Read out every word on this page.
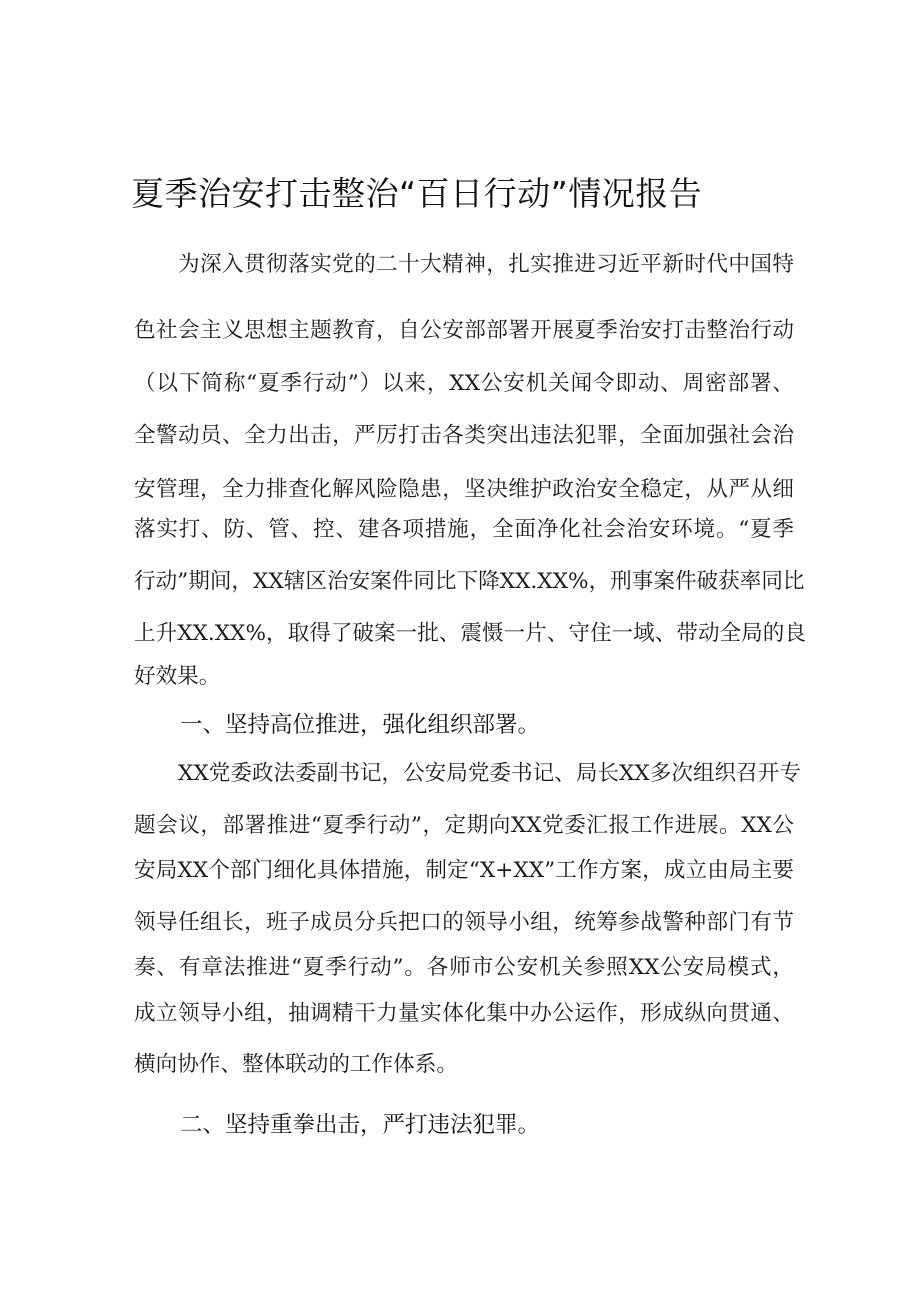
夏季治安打击整治“百日行动”情况报告
为深入贯彻落实党的二十大精神，扎实推进习近平新时代中国特
色社会主义思想主题教育，自公安部部署开展夏季治安打击整治行动
（以下简称“夏季行动”）以来，XX公安机关闻令即动、周密部署、
全警动员、全力出击，严厉打击各类突出违法犯罪，全面加强社会治
安管理，全力排查化解风险隐患，坚决维护政治安全稳定，从严从细
落实打、防、管、控、建各项措施，全面净化社会治安环境。“夏季
行动”期间，XX辖区治安案件同比下降XX.XX%，刑事案件破获率同比
上升XX.XX%，取得了破案一批、震慑一片、守住一域、带动全局的良
好效果。
一、坚持高位推进，强化组织部署。
XX党委政法委副书记，公安局党委书记、局长XX多次组织召开专
题会议，部署推进“夏季行动”，定期向XX党委汇报工作进展。XX公
安局XX个部门细化具体措施，制定“X+XX”工作方案，成立由局主要
领导任组长，班子成员分兵把口的领导小组，统筹参战警种部门有节
奏、有章法推进“夏季行动”。各师市公安机关参照XX公安局模式，
成立领导小组，抽调精干力量实体化集中办公运作，形成纵向贯通、
横向协作、整体联动的工作体系。
二、坚持重拳出击，严打违法犯罪。
